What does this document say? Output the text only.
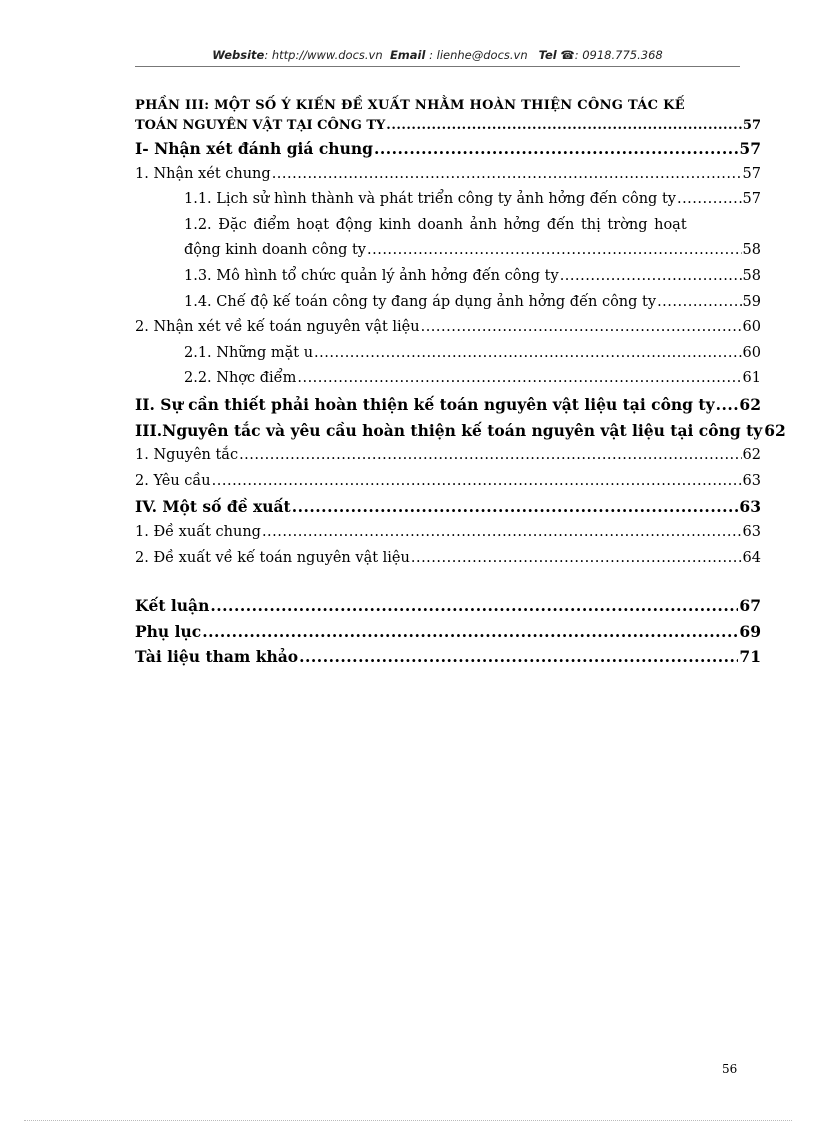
Website: http://www.docs.vn Email : lienhe@docs.vn Tel ☎: 0918.775.368
PHẦN III: MỘT SỐ Ý KIẾN ĐỀ XUẤT NHẰM HOÀN THIỆN CÔNG TÁC KẾ
TOÁN NGUYÊN VẬT TẠI CÔNG TY .....	57
I- Nhận xét đánh giá chung .....	57
1. Nhận xét chung .....	57
1.1. Lịch sử hình thành và phát triển công ty ảnh hởng đến công ty .....	57
1.2. Đặc điểm hoạt động kinh doanh ảnh hởng đến thị trờng hoạt
động kinh doanh công ty .....	58
1.3. Mô hình tổ chức quản lý ảnh hởng đến công ty .....	58
1.4. Chế độ kế toán công ty đang áp dụng ảnh hởng đến công ty .....	59
2. Nhận xét về kế toán nguyên vật liệu .....	60
2.1. Những mặt u .....	60
2.2. Nhợc điểm .....	61
II. Sự cần thiết phải hoàn thiện kế toán nguyên vật liệu tại công ty ..... 62
III.Nguyên tắc và yêu cầu hoàn thiện kế toán nguyên vật liệu tại công ty 62
1. Nguyên tắc .....	62
2. Yêu cầu .....	63
IV. Một số đề xuất .....	63
1. Đề xuất chung .....	63
2. Đề xuất về kế toán nguyên vật liệu .....	64
Kết luận .....	67
Phụ lục .....	69
Tài liệu tham khảo .....	71
56
